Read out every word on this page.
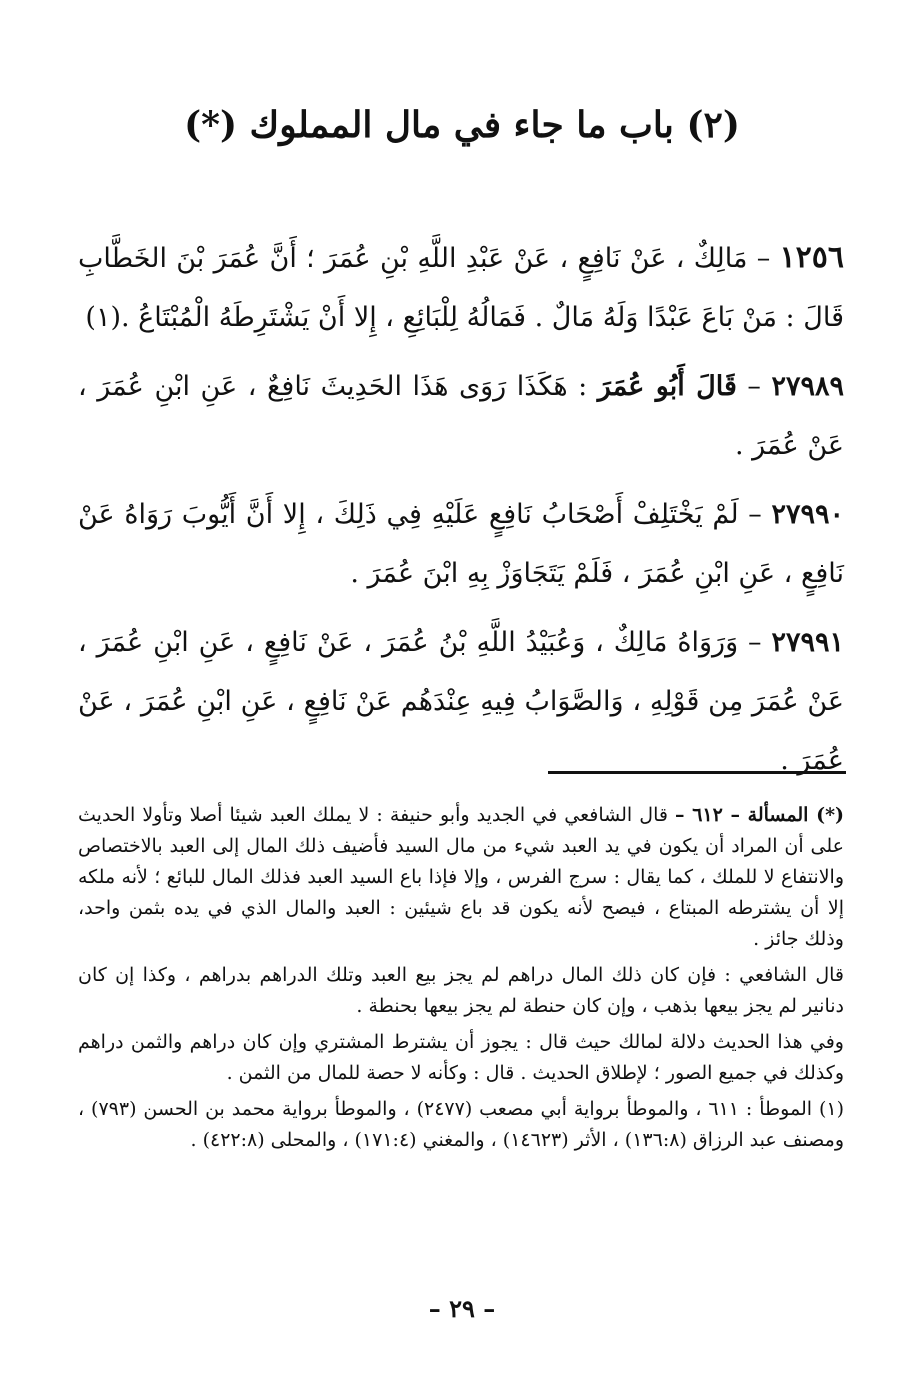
(٢) باب ما جاء في مال المملوك (*)

١٢٥٦ – مَالِكٌ ، عَنْ نَافِعٍ ، عَنْ عَبْدِ اللَّهِ بْنِ عُمَرَ ؛ أَنَّ عُمَرَ بْنَ الخَطَّابِ قَالَ : مَنْ بَاعَ عَبْدًا وَلَهُ مَالٌ . فَمَالُهُ لِلْبَائِعِ ، إِلا أَنْ يَشْتَرِطَهُ الْمُبْتَاعُ .(١)

٢٧٩٨٩ – قَالَ أَبُو عُمَرَ : هَكَذَا رَوَى هَذَا الحَدِيثَ نَافِعٌ ، عَنِ ابْنِ عُمَرَ ، عَنْ عُمَرَ .

٢٧٩٩٠ – لَمْ يَخْتَلِفْ أَصْحَابُ نَافِعٍ عَلَيْهِ فِي ذَلِكَ ، إِلا أَنَّ أَيُّوبَ رَوَاهُ عَنْ نَافِعٍ ، عَنِ ابْنِ عُمَرَ ، فَلَمْ يَتَجَاوَزْ بِهِ ابْنَ عُمَرَ .

٢٧٩٩١ – وَرَوَاهُ مَالِكٌ ، وَعُبَيْدُ اللَّهِ بْنُ عُمَرَ ، عَنْ نَافِعٍ ، عَنِ ابْنِ عُمَرَ ، عَنْ عُمَرَ مِن قَوْلِهِ ، وَالصَّوَابُ فِيهِ عِنْدَهُم عَنْ نَافِعٍ ، عَنِ ابْنِ عُمَرَ ، عَنْ عُمَرَ .

(*) المسألة – ٦١٢ – قال الشافعي في الجديد وأبو حنيفة : لا يملك العبد شيئا أصلا وتأولا الحديث على أن المراد أن يكون في يد العبد شيء من مال السيد فأضيف ذلك المال إلى العبد بالاختصاص والانتفاع لا للملك ، كما يقال : سرج الفرس ، وإلا فإذا باع السيد العبد فذلك المال للبائع ؛ لأنه ملكه إلا أن يشترطه المبتاع ، فيصح لأنه يكون قد باع شيئين : العبد والمال الذي في يده بثمن واحد، وذلك جائز .

قال الشافعي : فإن كان ذلك المال دراهم لم يجز بيع العبد وتلك الدراهم بدراهم ، وكذا إن كان دنانير لم يجز بيعها بذهب ، وإن كان حنطة لم يجز بيعها بحنطة .

وفي هذا الحديث دلالة لمالك حيث قال : يجوز أن يشترط المشتري وإن كان دراهم والثمن دراهم وكذلك في جميع الصور ؛ لإطلاق الحديث . قال : وكأنه لا حصة للمال من الثمن .

(١) الموطأ : ٦١١ ، والموطأ برواية أبي مصعب (٢٤٧٧) ، والموطأ برواية محمد بن الحسن (٧٩٣) ، ومصنف عبد الرزاق (١٣٦:٨) ، الأثر (١٤٦٢٣) ، والمغني (١٧١:٤) ، والمحلى (٤٢٢:٨) .

– ٢٩ –
